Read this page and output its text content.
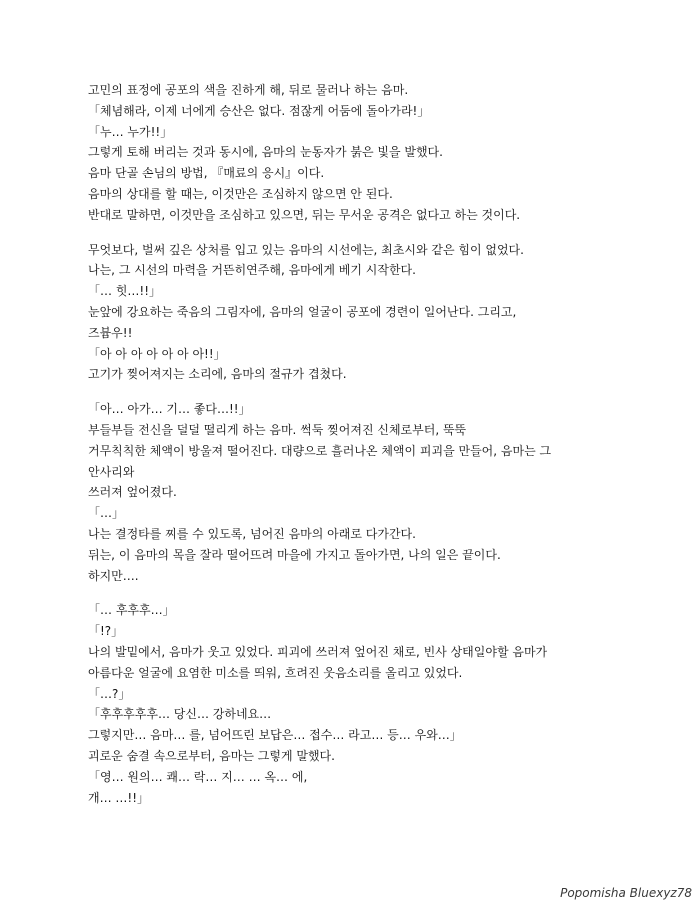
고민의 표정에 공포의 색을 진하게 해, 뒤로 물러나 하는 음마.
「체념해라, 이제 너에게 승산은 없다. 점잖게 어둠에 돌아가라!」
「누… 누가!!」
그렇게 토해 버리는 것과 동시에, 음마의 눈동자가 붉은 빛을 발했다.
음마 단골 손님의 방법, 『매료의 응시』이다.
음마의 상대를 할 때는, 이것만은 조심하지 않으면 안 된다.
반대로 말하면, 이것만을 조심하고 있으면, 뒤는 무서운 공격은 없다고 하는 것이다.
무엇보다, 벌써 깊은 상처를 입고 있는 음마의 시선에는, 최초시와 같은 힘이 없었다.
나는, 그 시선의 마력을 거뜬히연주해, 음마에게 베기 시작한다.
「… 힛…!!」
눈앞에 강요하는 죽음의 그림자에, 음마의 얼굴이 공포에 경련이 일어난다. 그리고,
즈븀우!!
「아 아 아 아 아 아 아!!」
고기가 찢어져지는 소리에, 음마의 절규가 겹쳤다.
「아… 아가… 기… 좋다…!!」
부들부들 전신을 덜덜 떨리게 하는 음마. 썩둑 찢어져진 신체로부터, 뚝뚝
거무칙칙한 체액이 방울져 떨어진다. 대량으로 흘러나온 체액이 피괴을 만들어, 음마는 그
안사리와
쓰러져 엎어졌다.
「…」
나는 결정타를 찌를 수 있도록, 넘어진 음마의 아래로 다가간다.
뒤는, 이 음마의 목을 잘라 떨어뜨려 마을에 가지고 돌아가면, 나의 일은 끝이다.
하지만….
「… 후후후…」
「!?」
나의 발밑에서, 음마가 웃고 있었다. 피괴에 쓰러져 엎어진 채로, 빈사 상태일야할 음마가
아름다운 얼굴에 요염한 미소를 띄워, 흐려진 웃음소리를 올리고 있었다.
「…?」
「후후후후후… 당신… 강하네요…
그렇지만… 음마… 를, 넘어뜨린 보답은… 접수… 라고… 등… 우와…」
괴로운 숨결 속으로부터, 음마는 그렇게 말했다.
「영… 원의… 쾌… 락… 지… … 옥… 에,
개… …!!」
Popomisha Bluexyz78
